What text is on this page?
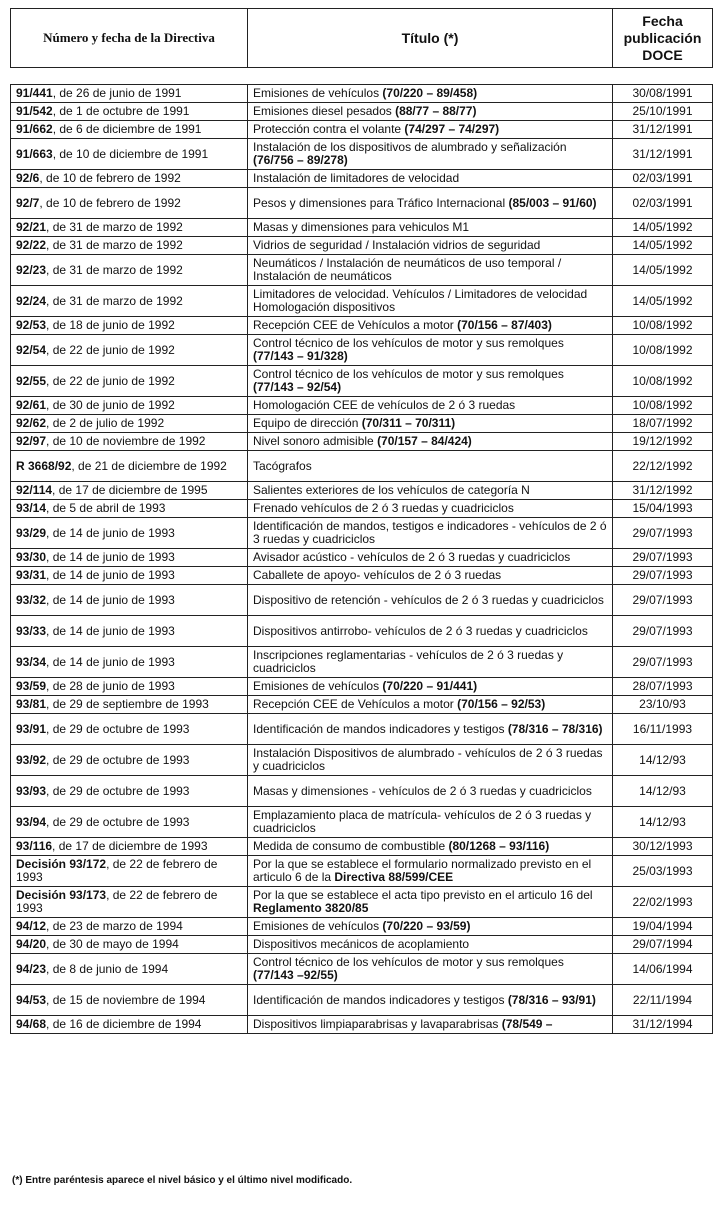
Número y fecha de la Directiva	Título (*)	Fecha
publicación
DOCE

91/441, de 26 de junio de 1991	Emisiones de vehículos (70/220 – 89/458)	30/08/1991
91/542, de 1 de octubre de 1991	Emisiones diesel pesados (88/77 – 88/77)	25/10/1991
91/662, de 6 de diciembre de 1991	Protección contra el volante (74/297 – 74/297)	31/12/1991
91/663, de 10 de diciembre de 1991	Instalación de los dispositivos de alumbrado y señalización (76/756 – 89/278)	31/12/1991
92/6, de 10 de febrero de 1992	Instalación de limitadores de velocidad	02/03/1991
92/7, de 10 de febrero de 1992	Pesos y dimensiones para Tráfico Internacional (85/003 – 91/60)	02/03/1991
92/21, de 31 de marzo de 1992	Masas y dimensiones para vehiculos M1	14/05/1992
92/22, de 31 de marzo de 1992	Vidrios de seguridad / Instalación vidrios de seguridad	14/05/1992
92/23, de 31 de marzo de 1992	Neumáticos / Instalación de neumáticos de uso temporal / Instalación de neumáticos	14/05/1992
92/24, de 31 de marzo de 1992	Limitadores de velocidad. Vehículos / Limitadores de velocidad Homologación dispositivos	14/05/1992
92/53, de 18 de junio de 1992	Recepción CEE de Vehículos a motor (70/156 – 87/403)	10/08/1992
92/54, de 22 de junio de 1992	Control técnico de los vehículos de motor y sus remolques (77/143 – 91/328)	10/08/1992
92/55, de 22 de junio de 1992	Control técnico de los vehículos de motor y sus remolques (77/143 – 92/54)	10/08/1992
92/61, de 30 de junio de 1992	Homologación CEE de vehículos de 2 ó 3 ruedas	10/08/1992
92/62, de 2 de julio de 1992	Equipo de dirección (70/311 – 70/311)	18/07/1992
92/97, de 10 de noviembre de 1992	Nivel sonoro admisible (70/157 – 84/424)	19/12/1992
R 3668/92, de 21 de diciembre de 1992	Tacógrafos	22/12/1992
92/114, de 17 de diciembre de 1995	Salientes exteriores de los vehículos de categoría N	31/12/1992
93/14, de 5 de abril de 1993	Frenado vehículos de 2 ó 3 ruedas y cuadriciclos	15/04/1993
93/29, de 14 de junio de 1993	Identificación de mandos, testigos e indicadores - vehículos de 2 ó 3 ruedas y cuadriciclos	29/07/1993
93/30, de 14 de junio de 1993	Avisador acústico - vehículos de 2 ó 3 ruedas y cuadriciclos	29/07/1993
93/31, de 14 de junio de 1993	Caballete de apoyo- vehículos de 2 ó 3 ruedas	29/07/1993
93/32, de 14 de junio de 1993	Dispositivo de retención - vehículos de 2 ó 3 ruedas y cuadriciclos	29/07/1993
93/33, de 14 de junio de 1993	Dispositivos antirrobo- vehículos de 2 ó 3 ruedas y cuadriciclos	29/07/1993
93/34, de 14 de junio de 1993	Inscripciones reglamentarias - vehículos de 2 ó 3 ruedas y cuadriciclos	29/07/1993
93/59, de 28 de junio de 1993	Emisiones de vehículos (70/220 – 91/441)	28/07/1993
93/81, de 29 de septiembre de 1993	Recepción CEE de Vehículos a motor (70/156 – 92/53)	23/10/93
93/91, de 29 de octubre de 1993	Identificación de mandos indicadores y testigos (78/316 – 78/316)	16/11/1993
93/92, de 29 de octubre de 1993	Instalación Dispositivos de alumbrado - vehículos de 2 ó 3 ruedas y cuadriciclos	14/12/93
93/93, de 29 de octubre de 1993	Masas y dimensiones - vehículos de 2 ó 3 ruedas y cuadriciclos	14/12/93
93/94, de 29 de octubre de 1993	Emplazamiento placa de matrícula- vehículos de 2 ó 3 ruedas y cuadriciclos	14/12/93
93/116, de 17 de diciembre de 1993	Medida de consumo de combustible (80/1268 – 93/116)	30/12/1993
Decisión 93/172, de 22 de febrero de 1993	Por la que se establece el formulario normalizado previsto en el articulo 6 de la Directiva 88/599/CEE	25/03/1993
Decisión 93/173, de 22 de febrero de 1993	Por la que se establece el acta tipo previsto en el articulo 16 del Reglamento 3820/85	22/02/1993
94/12, de 23 de marzo de 1994	Emisiones de vehículos (70/220 – 93/59)	19/04/1994
94/20, de 30 de mayo de 1994	Dispositivos mecánicos de acoplamiento	29/07/1994
94/23, de 8 de junio de 1994	Control técnico de los vehículos de motor y sus remolques (77/143 –92/55)	14/06/1994
94/53, de 15 de noviembre de 1994	Identificación de mandos indicadores y testigos (78/316 – 93/91)	22/11/1994
94/68, de 16 de diciembre de 1994	Dispositivos limpiaparabrisas y lavaparabrisas (78/549 –	31/12/1994
(*) Entre paréntesis aparece el nivel básico y el último nivel modificado.
